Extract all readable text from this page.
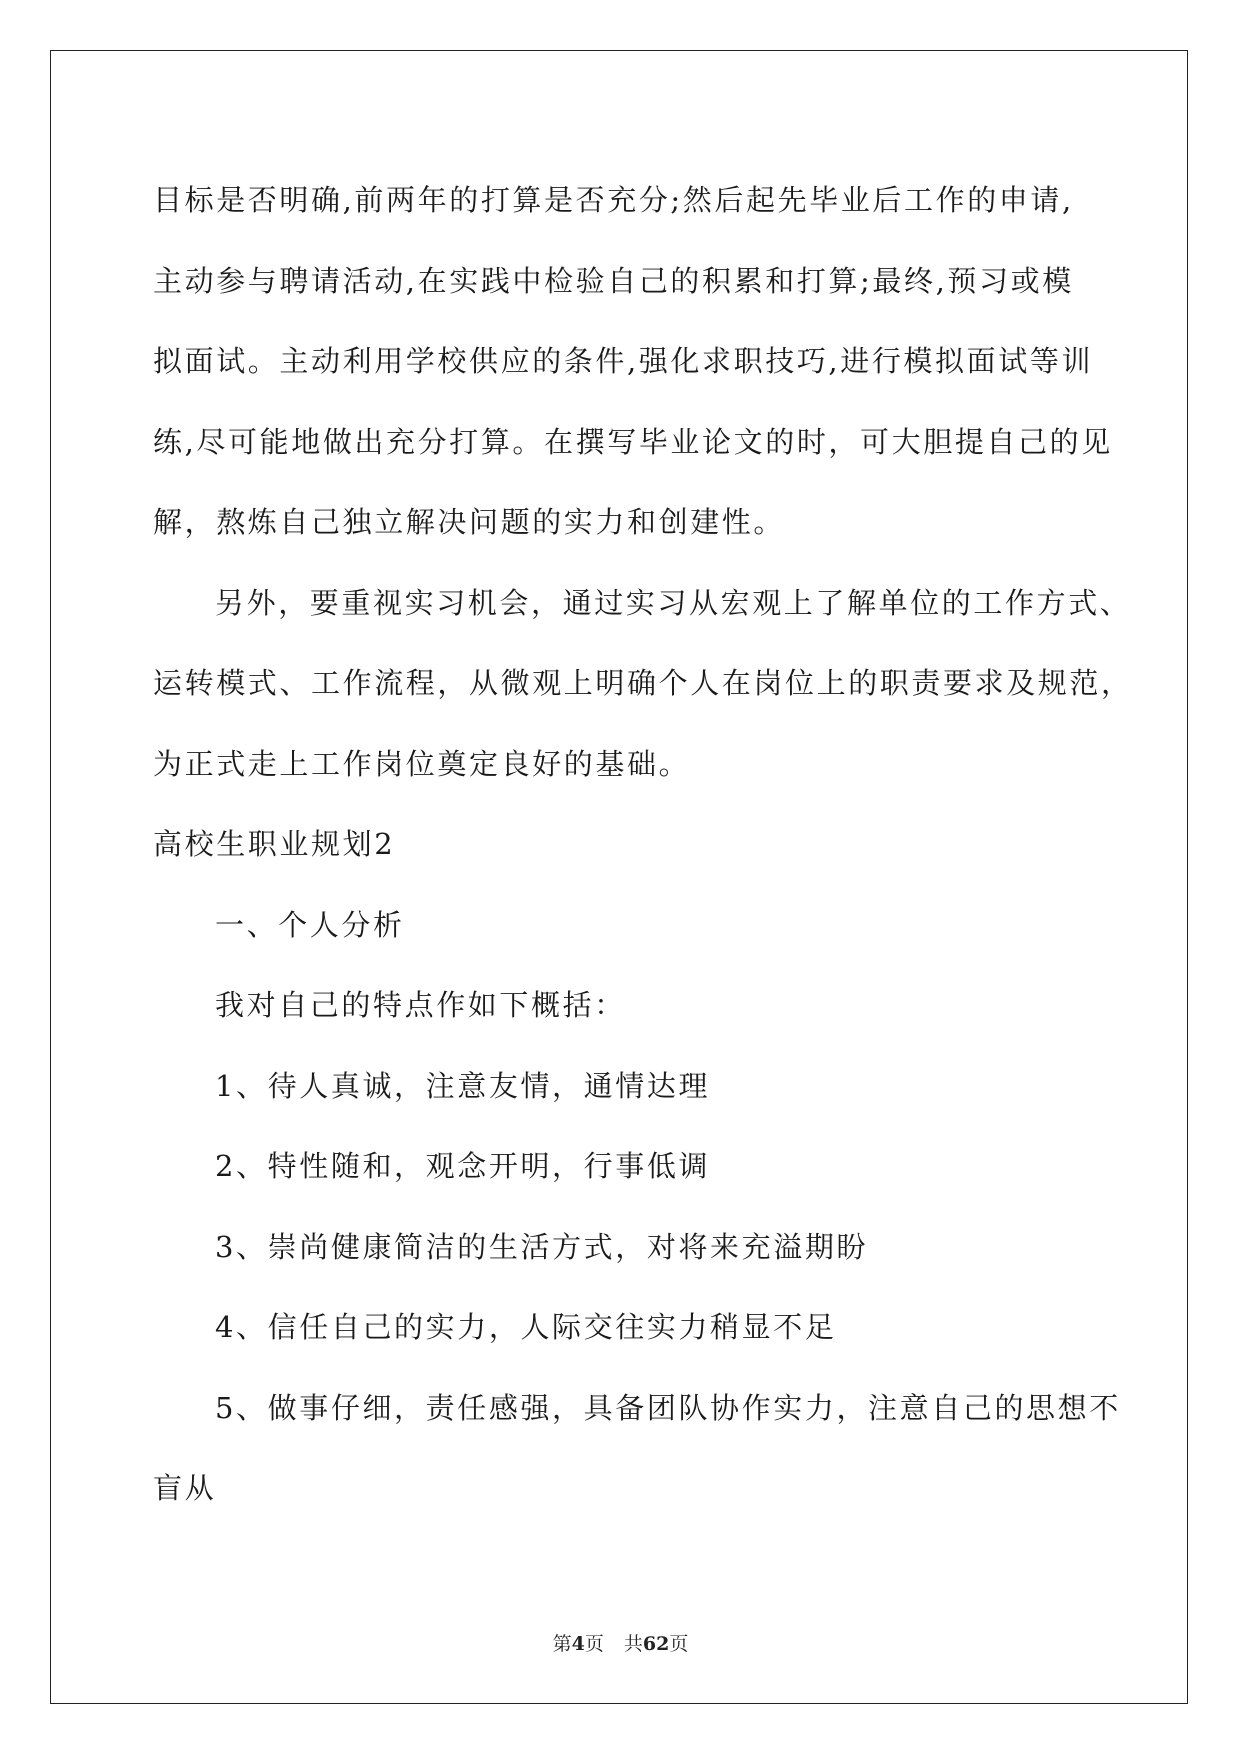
目标是否明确,前两年的打算是否充分;然后起先毕业后工作的申请,

主动参与聘请活动,在实践中检验自己的积累和打算;最终,预习或模

拟面试。主动利用学校供应的条件,强化求职技巧,进行模拟面试等训

练,尽可能地做出充分打算。在撰写毕业论文的时，可大胆提自己的见

解，熬炼自己独立解决问题的实力和创建性。

另外，要重视实习机会，通过实习从宏观上了解单位的工作方式、

运转模式、工作流程，从微观上明确个人在岗位上的职责要求及规范，

为正式走上工作岗位奠定良好的基础。

高校生职业规划2

一、个人分析

我对自己的特点作如下概括：

1、待人真诚，注意友情，通情达理

2、特性随和，观念开明，行事低调

3、崇尚健康简洁的生活方式，对将来充溢期盼

4、信任自己的实力，人际交往实力稍显不足

5、做事仔细，责任感强，具备团队协作实力，注意自己的思想不

盲从

第4页 共62页
